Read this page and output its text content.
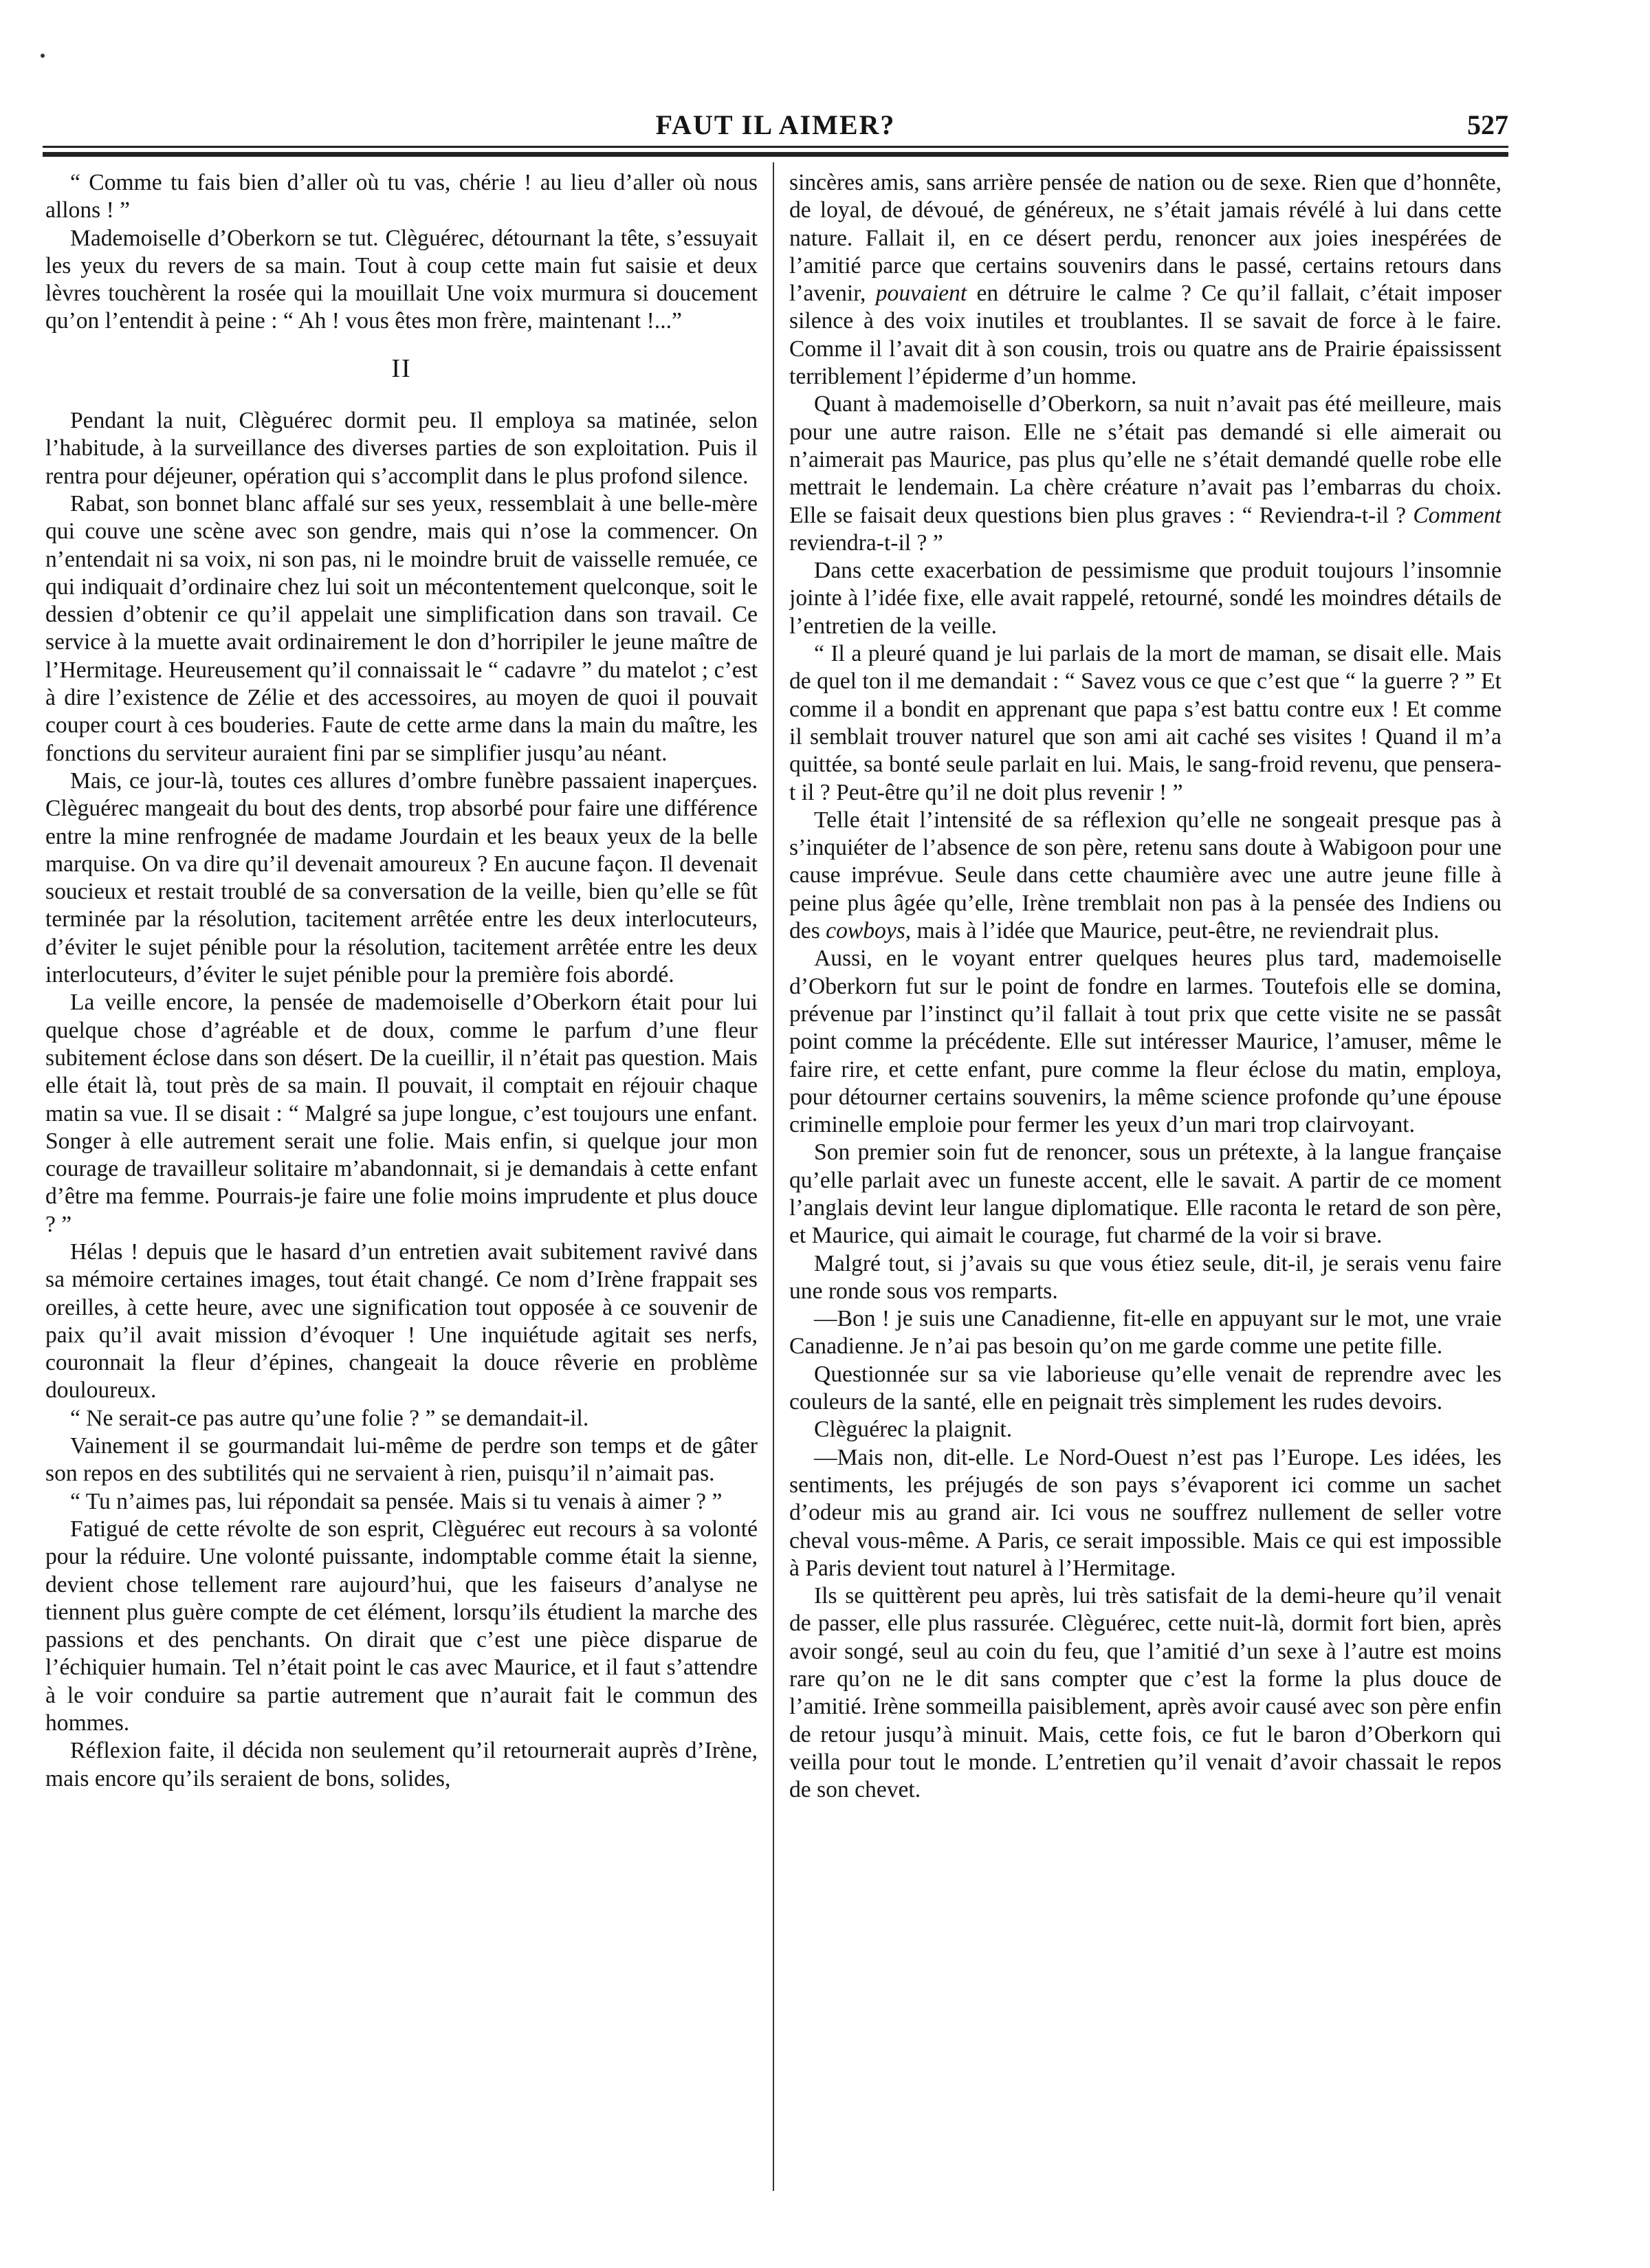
FAUT IL AIMER?	527

“ Comme tu fais bien d’aller où tu vas, chérie ! au lieu d’aller où nous allons ! ”

Mademoiselle d’Oberkorn se tut. Clèguérec, détournant la tête, s’essuyait les yeux du revers de sa main. Tout à coup cette main fut saisie et deux lèvres touchèrent la rosée qui la mouillait Une voix murmura si doucement qu’on l’entendit à peine : “ Ah ! vous êtes mon frère, maintenant !...”

II

Pendant la nuit, Clèguérec dormit peu. Il employa sa matinée, selon l’habitude, à la surveillance des diverses parties de son exploitation. Puis il rentra pour déjeuner, opération qui s’accomplit dans le plus profond silence.

Rabat, son bonnet blanc affalé sur ses yeux, ressemblait à une belle-mère qui couve une scène avec son gendre, mais qui n’ose la commencer. On n’entendait ni sa voix, ni son pas, ni le moindre bruit de vaisselle remuée, ce qui indiquait d’ordinaire chez lui soit un mécontentement quelconque, soit le dessien d’obtenir ce qu’il appelait une simplification dans son travail. Ce service à la muette avait ordinairement le don d’horripiler le jeune maître de l’Hermitage. Heureusement qu’il connaissait le “ cadavre ” du matelot ; c’est à dire l’existence de Zélie et des accessoires, au moyen de quoi il pouvait couper court à ces bouderies. Faute de cette arme dans la main du maître, les fonctions du serviteur auraient fini par se simplifier jusqu’au néant.

Mais, ce jour-là, toutes ces allures d’ombre funèbre passaient inaperçues. Clèguérec mangeait du bout des dents, trop absorbé pour faire une différence entre la mine renfrognée de madame Jourdain et les beaux yeux de la belle marquise. On va dire qu’il devenait amoureux ? En aucune façon. Il devenait soucieux et restait troublé de sa conversation de la veille, bien qu’elle se fût terminée par la résolution, tacitement arrêtée entre les deux interlocuteurs, d’éviter le sujet pénible pour la résolution, tacitement arrêtée entre les deux interlocuteurs, d’éviter le sujet pénible pour la première fois abordé.

La veille encore, la pensée de mademoiselle d’Oberkorn était pour lui quelque chose d’agréable et de doux, comme le parfum d’une fleur subitement éclose dans son désert. De la cueillir, il n’était pas question. Mais elle était là, tout près de sa main. Il pouvait, il comptait en réjouir chaque matin sa vue. Il se disait : “ Malgré sa jupe longue, c’est toujours une enfant. Songer à elle autrement serait une folie. Mais enfin, si quelque jour mon courage de travailleur solitaire m’abandonnait, si je demandais à cette enfant d’être ma femme. Pourrais-je faire une folie moins imprudente et plus douce ? ”

Hélas ! depuis que le hasard d’un entretien avait subitement ravivé dans sa mémoire certaines images, tout était changé. Ce nom d’Irène frappait ses oreilles, à cette heure, avec une signification tout opposée à ce souvenir de paix qu’il avait mission d’évoquer ! Une inquiétude agitait ses nerfs, couronnait la fleur d’épines, changeait la douce rêverie en problème douloureux.

“ Ne serait-ce pas autre qu’une folie ? ” se demandait-il.

Vainement il se gourmandait lui-même de perdre son temps et de gâter son repos en des subtilités qui ne servaient à rien, puisqu’il n’aimait pas.

“ Tu n’aimes pas, lui répondait sa pensée. Mais si tu venais à aimer ? ”

Fatigué de cette révolte de son esprit, Clèguérec eut recours à sa volonté pour la réduire. Une volonté puissante, indomptable comme était la sienne, devient chose tellement rare aujourd’hui, que les faiseurs d’analyse ne tiennent plus guère compte de cet élément, lorsqu’ils étudient la marche des passions et des penchants. On dirait que c’est une pièce disparue de l’échiquier humain. Tel n’était point le cas avec Maurice, et il faut s’attendre à le voir conduire sa partie autrement que n’aurait fait le commun des hommes.

Réflexion faite, il décida non seulement qu’il retournerait auprès d’Irène, mais encore qu’ils seraient de bons, solides,

sincères amis, sans arrière pensée de nation ou de sexe. Rien que d’honnête, de loyal, de dévoué, de généreux, ne s’était jamais révélé à lui dans cette nature. Fallait il, en ce désert perdu, renoncer aux joies inespérées de l’amitié parce que certains souvenirs dans le passé, certains retours dans l’avenir, pouvaient en détruire le calme ? Ce qu’il fallait, c’était imposer silence à des voix inutiles et troublantes. Il se savait de force à le faire. Comme il l’avait dit à son cousin, trois ou quatre ans de Prairie épaississent terriblement l’épiderme d’un homme.

Quant à mademoiselle d’Oberkorn, sa nuit n’avait pas été meilleure, mais pour une autre raison. Elle ne s’était pas demandé si elle aimerait ou n’aimerait pas Maurice, pas plus qu’elle ne s’était demandé quelle robe elle mettrait le lendemain. La chère créature n’avait pas l’embarras du choix. Elle se faisait deux questions bien plus graves : “ Reviendra-t-il ? Comment reviendra-t-il ? ”

Dans cette exacerbation de pessimisme que produit toujours l’insomnie jointe à l’idée fixe, elle avait rappelé, retourné, sondé les moindres détails de l’entretien de la veille.

“ Il a pleuré quand je lui parlais de la mort de maman, se disait elle. Mais de quel ton il me demandait : “ Savez vous ce que c’est que “ la guerre ? ” Et comme il a bondit en apprenant que papa s’est battu contre eux ! Et comme il semblait trouver naturel que son ami ait caché ses visites ! Quand il m’a quittée, sa bonté seule parlait en lui. Mais, le sang-froid revenu, que pensera-t il ? Peut-être qu’il ne doit plus revenir ! ”

Telle était l’intensité de sa réflexion qu’elle ne songeait presque pas à s’inquiéter de l’absence de son père, retenu sans doute à Wabigoon pour une cause imprévue. Seule dans cette chaumière avec une autre jeune fille à peine plus âgée qu’elle, Irène tremblait non pas à la pensée des Indiens ou des cowboys, mais à l’idée que Maurice, peut-être, ne reviendrait plus.

Aussi, en le voyant entrer quelques heures plus tard, mademoiselle d’Oberkorn fut sur le point de fondre en larmes. Toutefois elle se domina, prévenue par l’instinct qu’il fallait à tout prix que cette visite ne se passât point comme la précédente. Elle sut intéresser Maurice, l’amuser, même le faire rire, et cette enfant, pure comme la fleur éclose du matin, employa, pour détourner certains souvenirs, la même science profonde qu’une épouse criminelle emploie pour fermer les yeux d’un mari trop clairvoyant.

Son premier soin fut de renoncer, sous un prétexte, à la langue française qu’elle parlait avec un funeste accent, elle le savait. A partir de ce moment l’anglais devint leur langue diplomatique. Elle raconta le retard de son père, et Maurice, qui aimait le courage, fut charmé de la voir si brave.

Malgré tout, si j’avais su que vous étiez seule, dit-il, je serais venu faire une ronde sous vos remparts.

—Bon ! je suis une Canadienne, fit-elle en appuyant sur le mot, une vraie Canadienne. Je n’ai pas besoin qu’on me garde comme une petite fille.

Questionnée sur sa vie laborieuse qu’elle venait de reprendre avec les couleurs de la santé, elle en peignait très simplement les rudes devoirs.

Clèguérec la plaignit.

—Mais non, dit-elle. Le Nord-Ouest n’est pas l’Europe. Les idées, les sentiments, les préjugés de son pays s’évaporent ici comme un sachet d’odeur mis au grand air. Ici vous ne souffrez nullement de seller votre cheval vous-même. A Paris, ce serait impossible. Mais ce qui est impossible à Paris devient tout naturel à l’Hermitage.

Ils se quittèrent peu après, lui très satisfait de la demi-heure qu’il venait de passer, elle plus rassurée. Clèguérec, cette nuit-là, dormit fort bien, après avoir songé, seul au coin du feu, que l’amitié d’un sexe à l’autre est moins rare qu’on ne le dit sans compter que c’est la forme la plus douce de l’amitié. Irène sommeilla paisiblement, après avoir causé avec son père enfin de retour jusqu’à minuit. Mais, cette fois, ce fut le baron d’Oberkorn qui veilla pour tout le monde. L’entretien qu’il venait d’avoir chassait le repos de son chevet.
